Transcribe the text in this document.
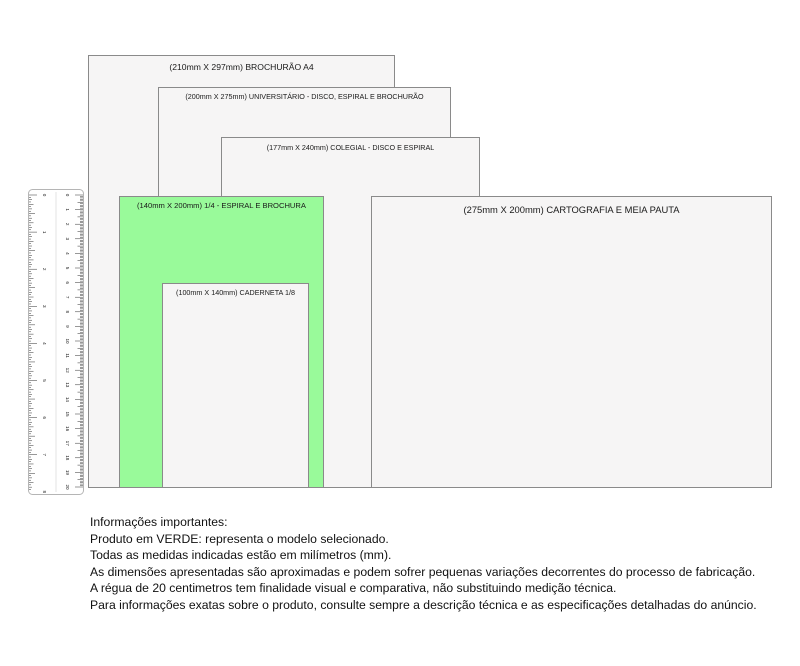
(210mm X 297mm) BROCHURÃO A4
(200mm X 275mm) UNIVERSITÁRIO - DISCO, ESPIRAL E BROCHURÃO
(177mm X 240mm) COLEGIAL - DISCO E ESPIRAL
(140mm X 200mm) 1/4 - ESPIRAL E BROCHURA
(100mm X 140mm) CADERNETA 1/8
(275mm X 200mm) CARTOGRAFIA E MEIA PAUTA
0
1
2
3
4
5
6
7
8
9
10
11
12
13
14
15
16
17
18
19
20
0
1
2
3
4
5
6
7
8
Informações importantes:
Produto em VERDE: representa o modelo selecionado.
Todas as medidas indicadas estão em milímetros (mm).
As dimensões apresentadas são aproximadas e podem sofrer pequenas variações decorrentes do processo de fabricação.
A régua de 20 centimetros tem finalidade visual e comparativa, não substituindo medição técnica.
Para informações exatas sobre o produto, consulte sempre a descrição técnica e as especificações detalhadas do anúncio.
